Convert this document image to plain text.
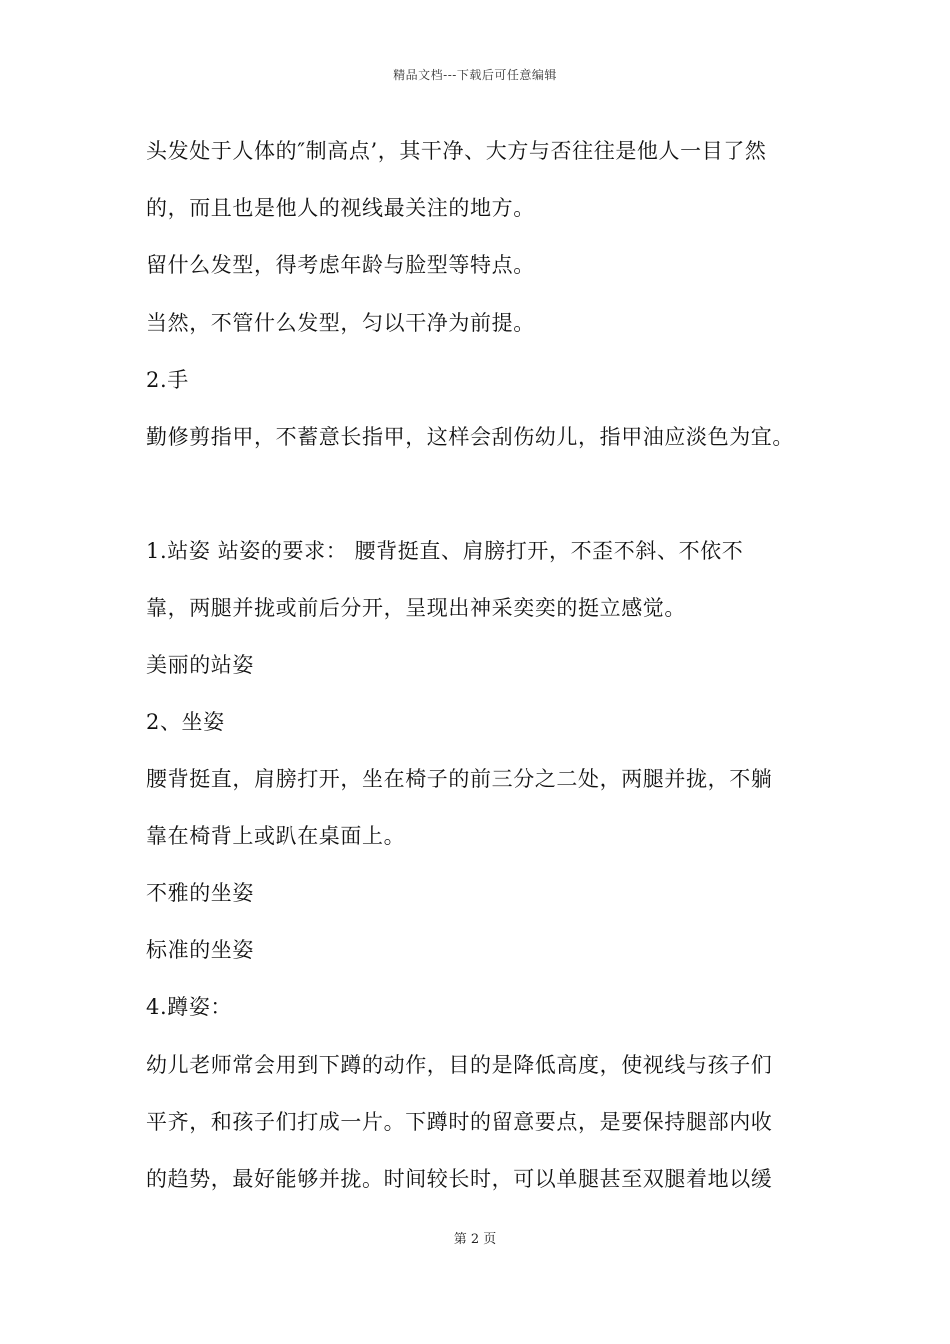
精品文档---下载后可任意编辑
头发处于人体的″制高点’，其干净、大方与否往往是他人一目了然
的，而且也是他人的视线最关注的地方。
留什么发型，得考虑年龄与脸型等特点。
当然，不管什么发型，匀以干净为前提。
2.手
勤修剪指甲，不蓄意长指甲，这样会刮伤幼儿，指甲油应淡色为宜。
1.站姿 站姿的要求： 腰背挺直、肩膀打开，不歪不斜、不依不
靠，两腿并拢或前后分开，呈现出神采奕奕的挺立感觉。
美丽的站姿
2、坐姿
腰背挺直，肩膀打开，坐在椅子的前三分之二处，两腿并拢，不躺
靠在椅背上或趴在桌面上。
不雅的坐姿
标准的坐姿
4.蹲姿：
幼儿老师常会用到下蹲的动作，目的是降低高度，使视线与孩子们
平齐，和孩子们打成一片。下蹲时的留意要点，是要保持腿部内收
的趋势，最好能够并拢。时间较长时，可以单腿甚至双腿着地以缓
第 2 页
